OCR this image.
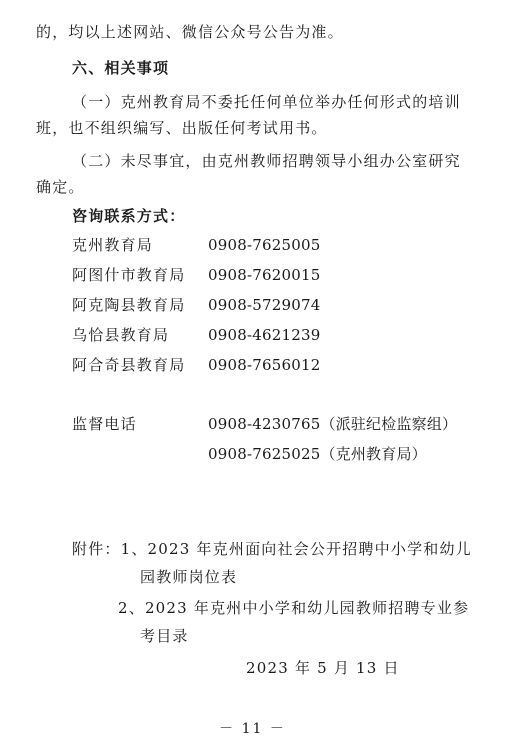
的，均以上述网站、微信公众号公告为准。
六、相关事项
（一）克州教育局不委托任何单位举办任何形式的培训
班，也不组织编写、出版任何考试用书。
（二）未尽事宜，由克州教师招聘领导小组办公室研究
确定。
咨询联系方式：
克州教育局	0908-7625005
阿图什市教育局 0908-7620015
阿克陶县教育局 0908-5729074
乌恰县教育局	0908-4621239
阿合奇县教育局 0908-7656012
监督电话	0908-4230765（派驻纪检监察组）
0908-7625025（克州教育局）
附件：1、2023 年克州面向社会公开招聘中小学和幼儿
园教师岗位表
2、2023 年克州中小学和幼儿园教师招聘专业参
考目录
2023 年 5 月 13 日
－ 11 －
